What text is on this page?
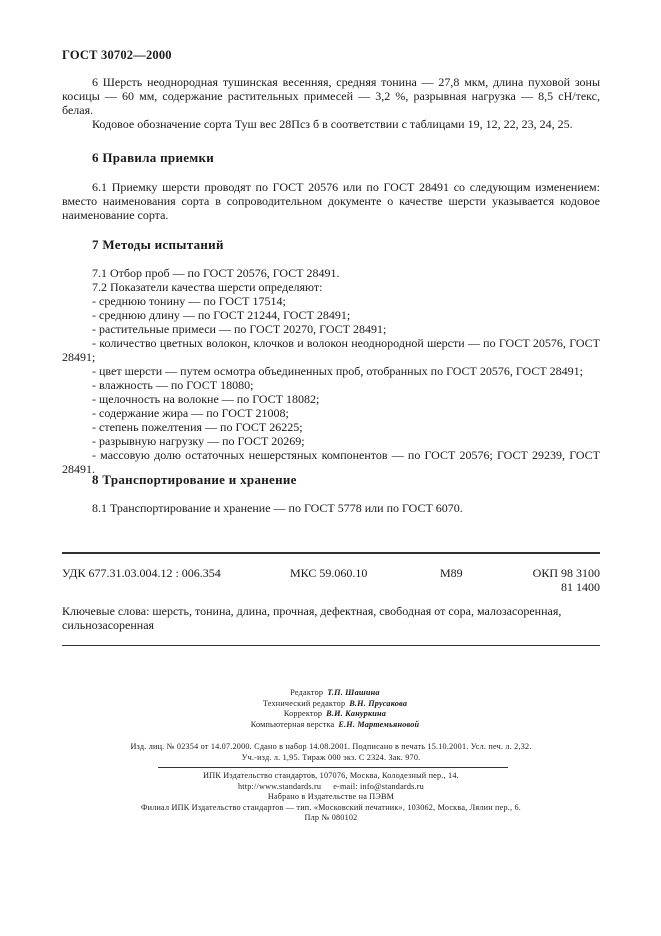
ГОСТ 30702—2000

6 Шерсть неоднородная тушинская весенняя, средняя тонина — 27,8 мкм, длина пуховой зоны косицы — 60 мм, содержание растительных примесей — 3,2 %, разрывная нагрузка — 8,5 сН/текс, белая.

Кодовое обозначение сорта Туш вес 28Пcз б в соответствии с таблицами 19, 12, 22, 23, 24, 25.

6 Правила приемки

6.1 Приемку шерсти проводят по ГОСТ 20576 или по ГОСТ 28491 со следующим изменением: вместо наименования сорта в сопроводительном документе о качестве шерсти указывается кодовое наименование сорта.

7 Методы испытаний

7.1 Отбор проб — по ГОСТ 20576, ГОСТ 28491.

7.2 Показатели качества шерсти определяют:

- среднюю тонину — по ГОСТ 17514;

- среднюю длину — по ГОСТ 21244, ГОСТ 28491;

- растительные примеси — по ГОСТ 20270, ГОСТ 28491;

- количество цветных волокон, клочков и волокон неоднородной шерсти — по ГОСТ 20576, ГОСТ 28491;

- цвет шерсти — путем осмотра объединенных проб, отобранных по ГОСТ 20576, ГОСТ 28491;

- влажность — по ГОСТ 18080;

- щелочность на волокне — по ГОСТ 18082;

- содержание жира — по ГОСТ 21008;

- степень пожелтения — по ГОСТ 26225;

- разрывную нагрузку — по ГОСТ 20269;

- массовую долю остаточных нешерстяных компонентов — по ГОСТ 20576; ГОСТ 29239, ГОСТ 28491.

8 Транспортирование и хранение

8.1 Транспортирование и хранение — по ГОСТ 5778 или по ГОСТ 6070.

УДК 677.31.03.004.12 : 006.354	МКС 59.060.10	М89	ОКП 98 3100
81 1400
Ключевые слова: шерсть, тонина, длина, прочная, дефектная, свободная от сора, малозасоренная, сильнозасоренная
Редактор Т.П. Шашина
Технический редактор В.Н. Прусакова
Корректор В.И. Кануркина
Компьютерная верстка Е.Н. Мартемьяновой
Изд. лиц. № 02354 от 14.07.2000. Сдано в набор 14.08.2001. Подписано в печать 15.10.2001. Усл. печ. л. 2,32.
Уч.-изд. л. 1,95. Тираж 000 экз. С 2324. Зак. 970.
ИПК Издательство стандартов, 107076, Москва, Колодезный пер., 14.
http://www.standards.ru e-mail: info@standards.ru
Набрано в Издательстве на ПЭВМ
Филиал ИПК Издательство стандартов — тип. «Московский печатник», 103062, Москва, Лялин пер., 6.
Плр № 080102
